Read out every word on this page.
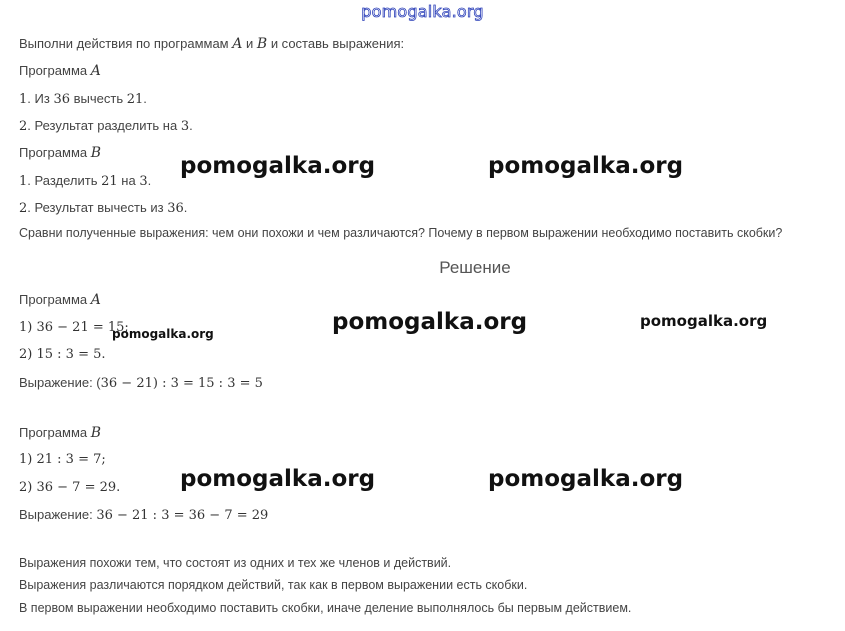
pomogalka.org
Выполни действия по программам A и B и составь выражения:
Программа A
1. Из 36 вычесть 21.
2. Результат разделить на 3.
Программа B
1. Разделить 21 на 3.
2. Результат вычесть из 36.
Сравни полученные выражения: чем они похожи и чем различаются? Почему в первом выражении необходимо поставить скобки?
Решение
Программа A
1) 36 − 21 = 15;
2) 15 : 3 = 5.
Выражение: (36 − 21) : 3 = 15 : 3 = 5
Программа B
1) 21 : 3 = 7;
2) 36 − 7 = 29.
Выражение: 36 − 21 : 3 = 36 − 7 = 29
Выражения похожи тем, что состоят из одних и тех же членов и действий.
Выражения различаются порядком действий, так как в первом выражении есть скобки.
В первом выражении необходимо поставить скобки, иначе деление выполнялось бы первым действием.
pomogalka.org	pomogalka.org
pomogalka.org	pomogalka.org
pomogalka.org
pomogalka.org	pomogalka.org
